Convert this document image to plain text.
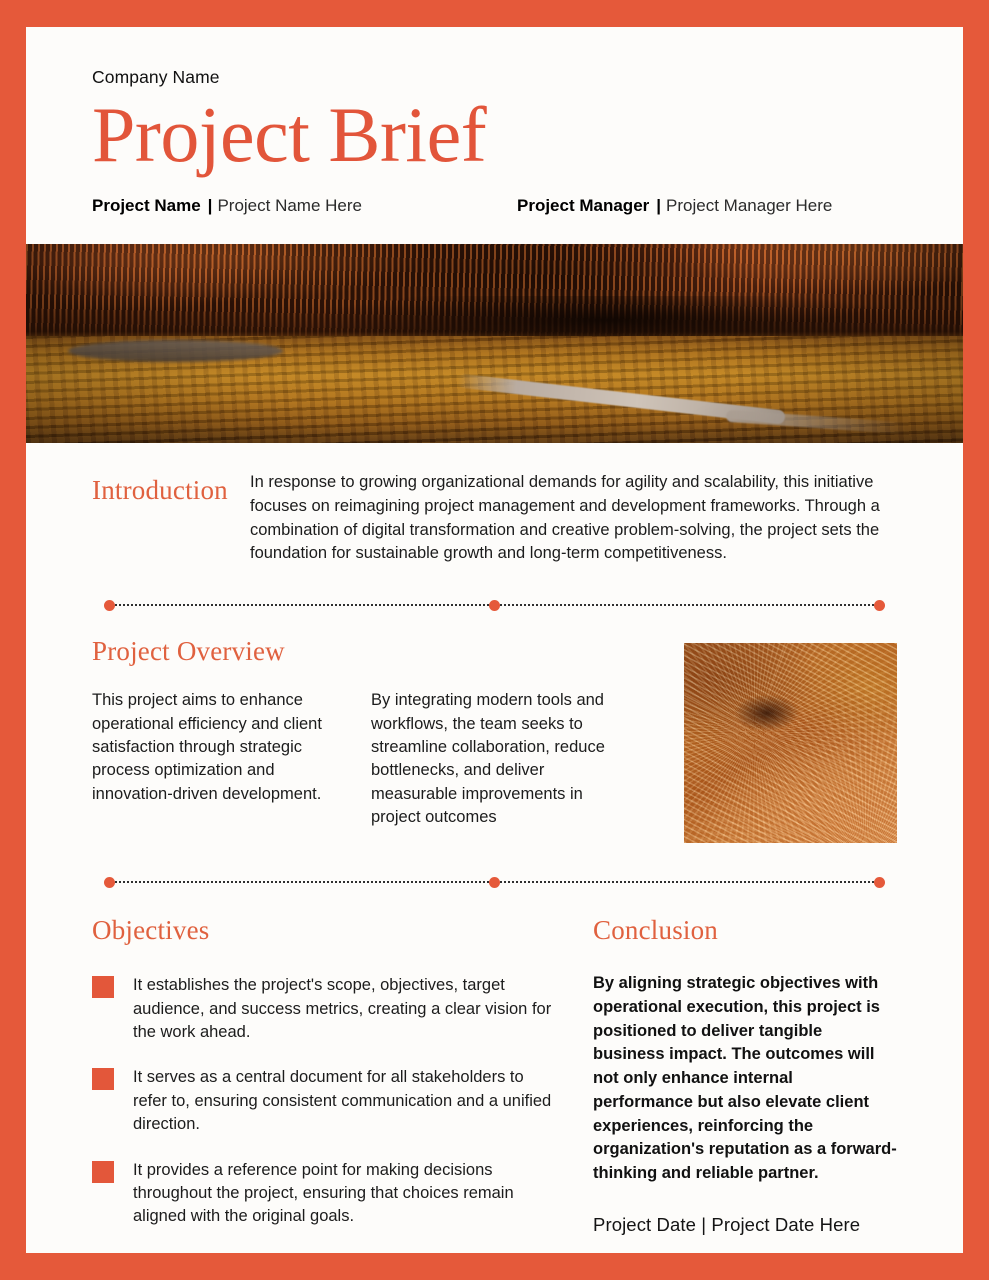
Company Name
Project Brief
Project Name | Project Name Here	Project Manager | Project Manager Here
Introduction	In response to growing organizational demands for agility and scalability, this initiative focuses on reimagining project management and development frameworks. Through a combination of digital transformation and creative problem-solving, the project sets the foundation for sustainable growth and long-term competitiveness.
Project Overview
This project aims to enhance operational efficiency and client satisfaction through strategic process optimization and innovation-driven development.
By integrating modern tools and workflows, the team seeks to streamline collaboration, reduce bottlenecks, and deliver measurable improvements in project outcomes
Objectives
It establishes the project's scope, objectives, target audience, and success metrics, creating a clear vision for the work ahead.
It serves as a central document for all stakeholders to refer to, ensuring consistent communication and a unified direction.
It provides a reference point for making decisions throughout the project, ensuring that choices remain aligned with the original goals.
Conclusion
By aligning strategic objectives with operational execution, this project is positioned to deliver tangible business impact. The outcomes will not only enhance internal performance but also elevate client experiences, reinforcing the organization's reputation as a forward-thinking and reliable partner.
Project Date | Project Date Here
